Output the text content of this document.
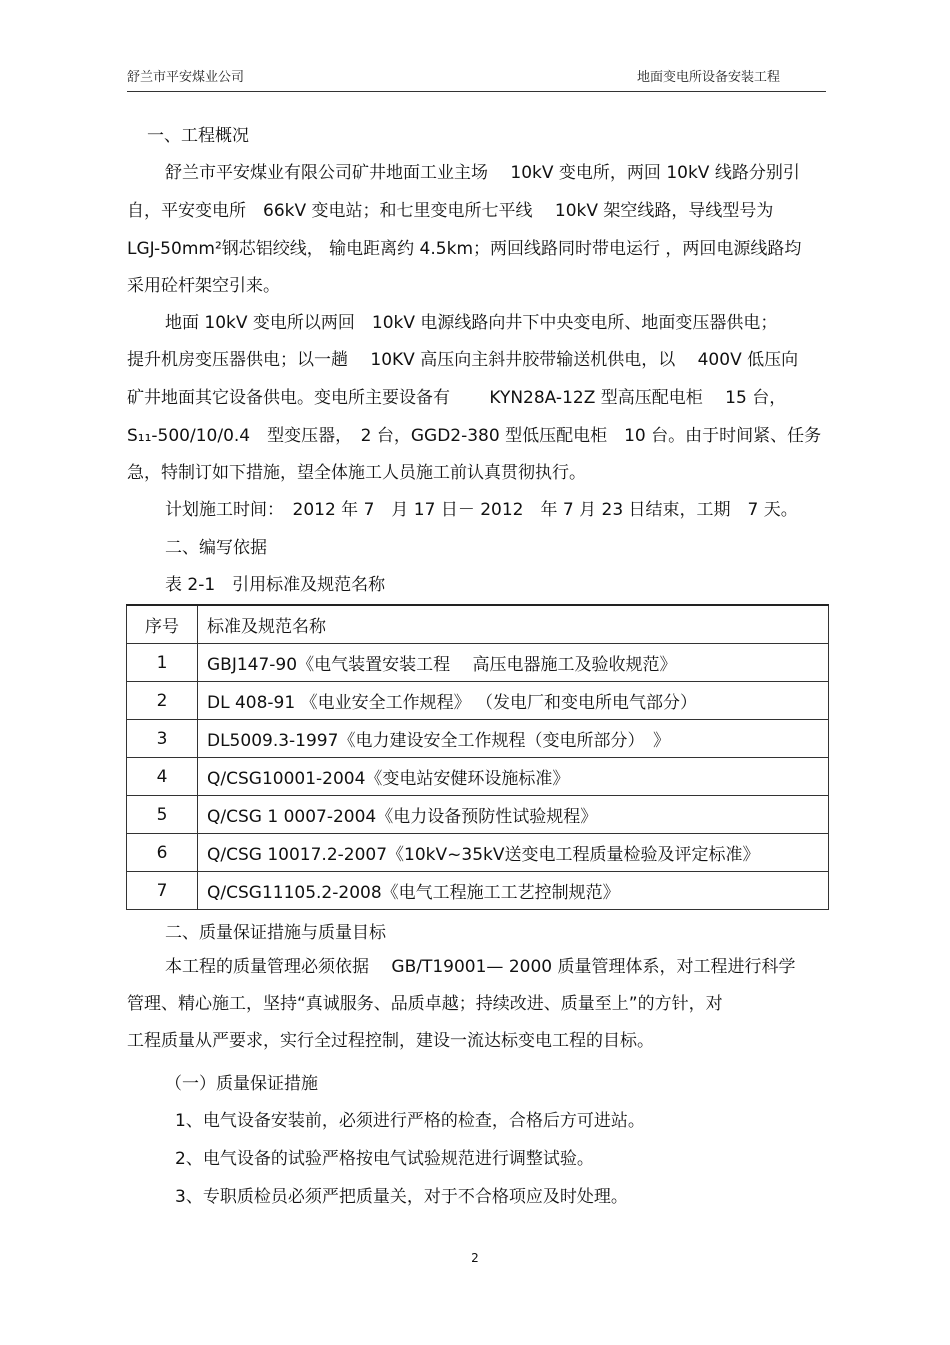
舒兰市平安煤业公司	地面变电所设备安装工程
一、工程概况
舒兰市平安煤业有限公司矿井地面工业主场　 10kV 变电所，两回 10kV 线路分别引
自，平安变电所　66kV 变电站；和七里变电所七平线　 10kV 架空线路，导线型号为
LGJ-50mm²钢芯铝绞线， 输电距离约 4.5km；两回线路同时带电运行 ，两回电源线路均
采用砼杆架空引来。
地面 10kV 变电所以两回　10kV 电源线路向井下中央变电所、地面变压器供电；
提升机房变压器供电；以一趟　 10KV 高压向主斜井胶带输送机供电，以　 400V 低压向
矿井地面其它设备供电。变电所主要设备有　　 KYN28A-12Z 型高压配电柜　 15 台，
S₁₁-500/10/0.4　型变压器，　2 台，GGD2-380 型低压配电柜　10 台。由于时间紧、任务
急，特制订如下措施，望全体施工人员施工前认真贯彻执行。
计划施工时间：　2012 年 7　月 17 日－ 2012　年 7 月 23 日结束，工期　7 天。
二、编写依据
表 2-1　引用标准及规范名称
序号	标准及规范名称
1	GBJ147-90《电气装置安装工程　 高压电器施工及验收规范》
2	DL 408-91 《电业安全工作规程》 （发电厂和变电所电气部分）
3	DL5009.3-1997《电力建设安全工作规程（变电所部分）　》
4	Q/CSG10001-2004《变电站安健环设施标准》
5	Q/CSG 1 0007-2004《电力设备预防性试验规程》
6	Q/CSG 10017.2-2007《10kV~35kV送变电工程质量检验及评定标准》
7	Q/CSG11105.2-2008《电气工程施工工艺控制规范》
二、质量保证措施与质量目标
本工程的质量管理必须依据　 GB/T19001— 2000 质量管理体系，对工程进行科学
管理、精心施工，坚持“真诚服务、品质卓越；持续改进、质量至上”的方针，对
工程质量从严要求，实行全过程控制，建设一流达标变电工程的目标。
（一）质量保证措施
1、电气设备安装前，必须进行严格的检查，合格后方可进站。
2、电气设备的试验严格按电气试验规范进行调整试验。
3、专职质检员必须严把质量关，对于不合格项应及时处理。
2
